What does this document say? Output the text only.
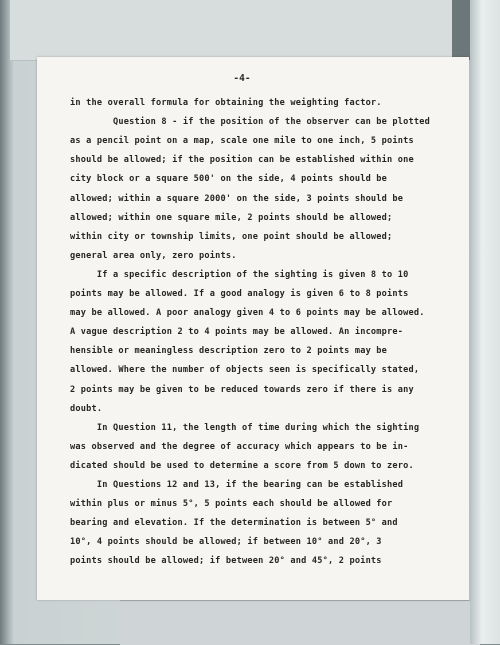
-4-
in the overall formula for obtaining the weighting factor.
Question 8 - if the position of the observer can be plotted
as a pencil point on a map, scale one mile to one inch, 5 points
should be allowed; if the position can be established within one
city block or a square 500' on the side, 4 points should be
allowed; within a square 2000' on the side, 3 points should be
allowed; within one square mile, 2 points should be allowed;
within city or township limits, one point should be allowed;
general area only, zero points.
If a specific description of the sighting is given 8 to 10
points may be allowed. If a good analogy is given 6 to 8 points
may be allowed. A poor analogy given 4 to 6 points may be allowed.
A vague description 2 to 4 points may be allowed. An incompre-
hensible or meaningless description zero to 2 points may be
allowed. Where the number of objects seen is specifically stated,
2 points may be given to be reduced towards zero if there is any
doubt.
In Question 11, the length of time during which the sighting
was observed and the degree of accuracy which appears to be in-
dicated should be used to determine a score from 5 down to zero.
In Questions 12 and 13, if the bearing can be established
within plus or minus 5°, 5 points each should be allowed for
bearing and elevation. If the determination is between 5° and
10°, 4 points should be allowed; if between 10° and 20°, 3
points should be allowed; if between 20° and 45°, 2 points
